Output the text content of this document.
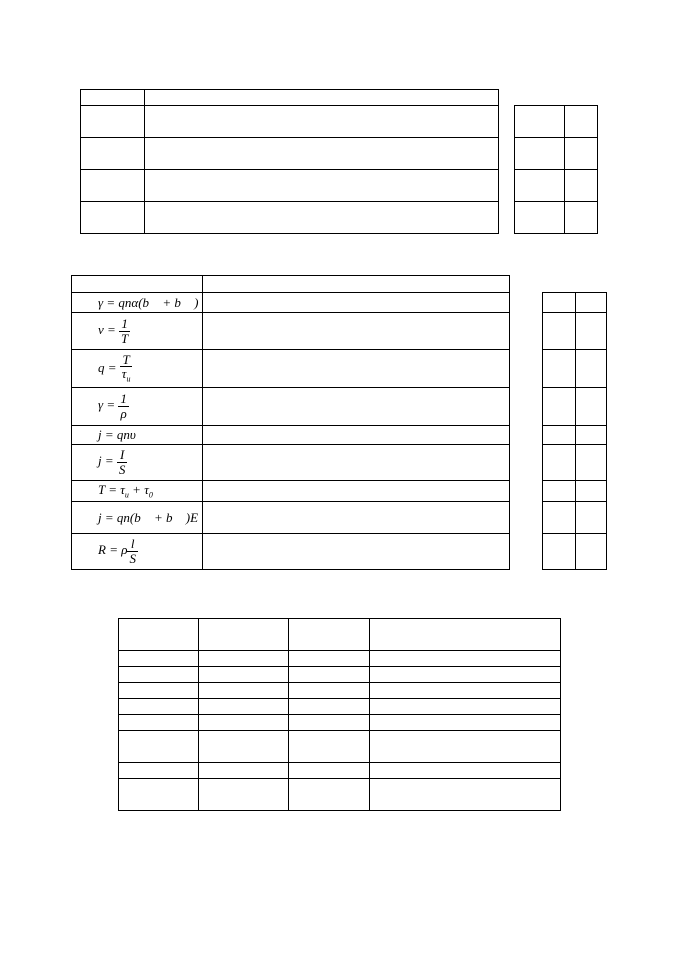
γ = qnα(b + b )	
$\nu = \frac{1}{T}$

$q = \frac{T}{\tau_u}$

$\gamma = \frac{1}{\rho}$

j = qnυ	
$j = \frac{I}{S}$

$T = \tau_u + \tau_0$	
j = qn(b + b )E	
R = ρ $\frac{l}{S}$
